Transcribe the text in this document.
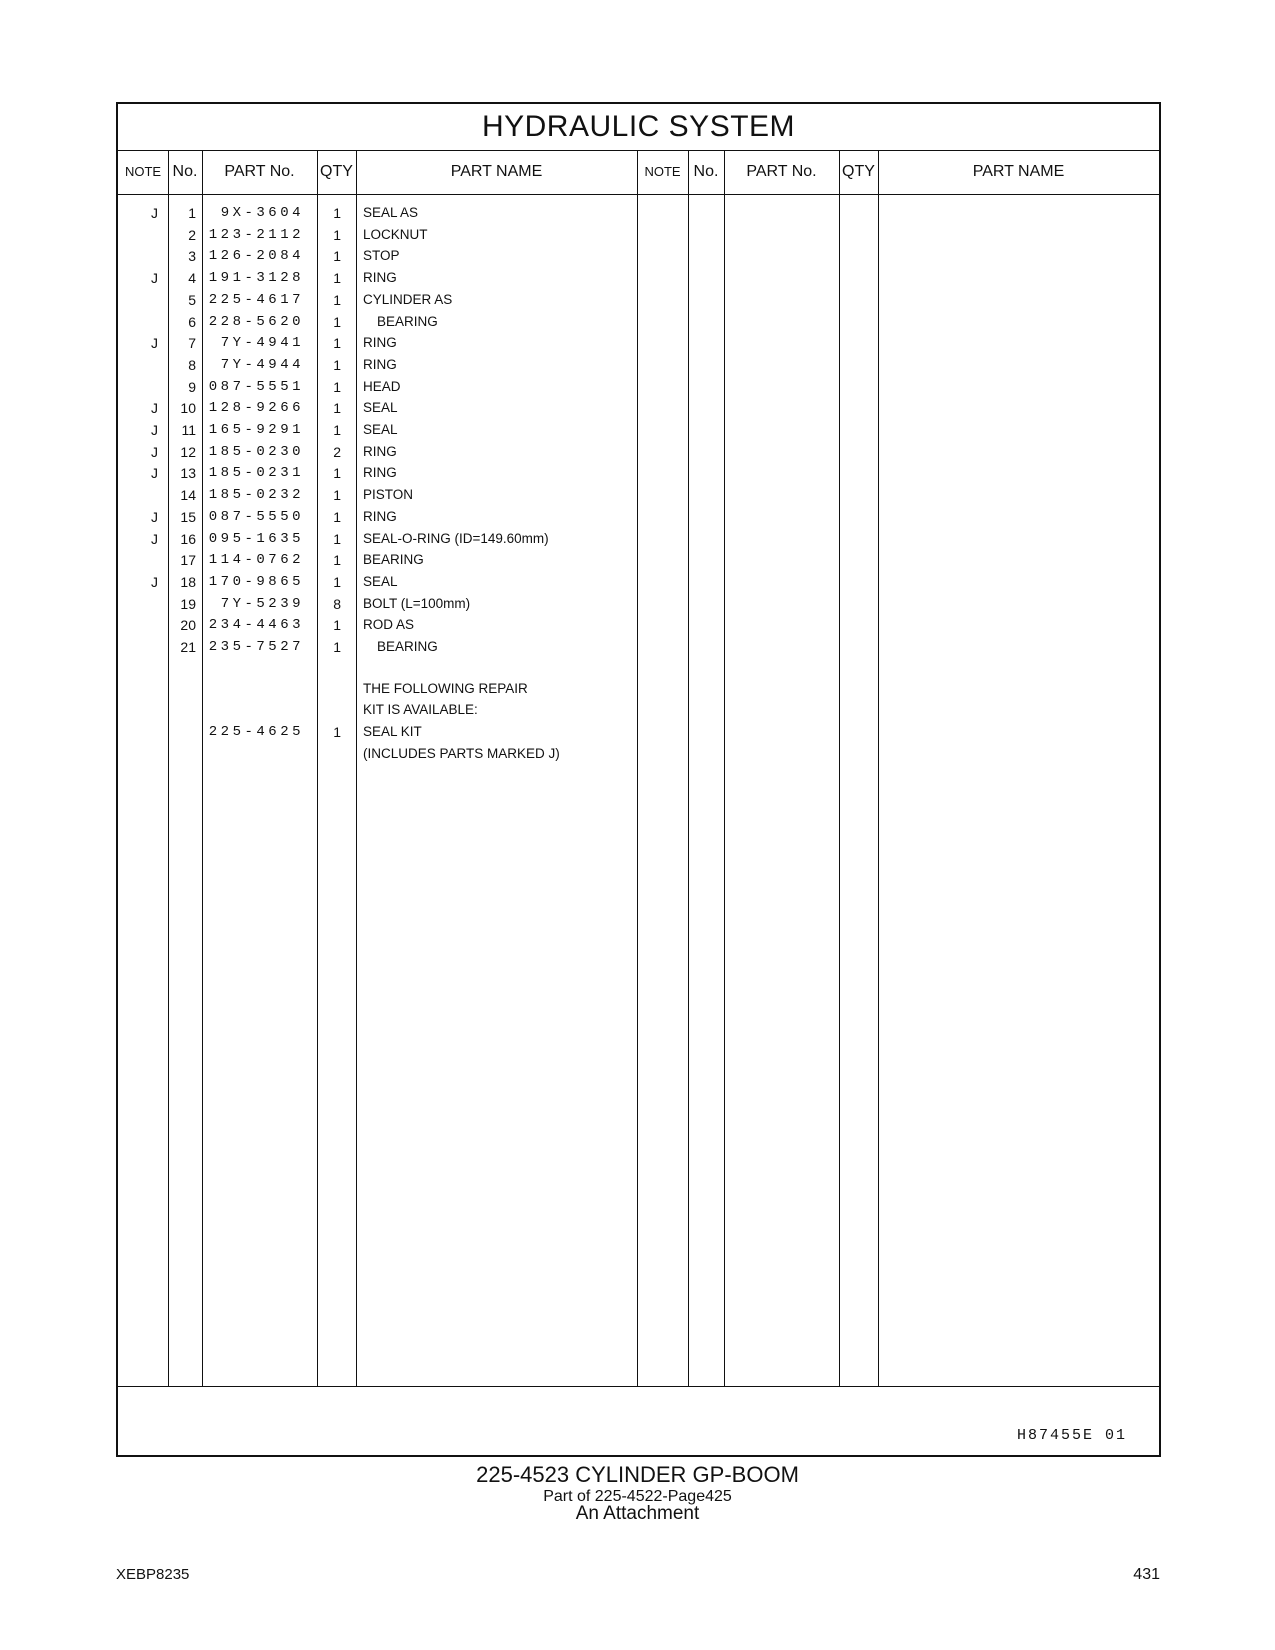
HYDRAULIC SYSTEM
NOTE No.	PART No.	QTY	PART NAME	NOTE No.	PART No.	QTY	PART NAME
J	1	9X-3604	1 SEAL AS
2 123-2112	1 LOCKNUT
3 126-2084	1 STOP
J	4 191-3128	1 RING
5 225-4617	1 CYLINDER AS
6 228-5620	1	BEARING
J	7	7Y-4941	1 RING
8	7Y-4944	1 RING
9 087-5551	1 HEAD
J	10 128-9266	1 SEAL
J	11 165-9291	1 SEAL
J	12 185-0230	2 RING
J	13 185-0231	1 RING
14 185-0232	1 PISTON
J	15 087-5550	1 RING
J	16 095-1635	1 SEAL-O-RING (ID=149.60mm)
17 114-0762	1 BEARING
J	18 170-9865	1 SEAL
19	7Y-5239	8 BOLT (L=100mm)
20 234-4463	1 ROD AS
21 235-7527	1	BEARING
THE FOLLOWING REPAIR
KIT IS AVAILABLE:
225-4625	1 SEAL KIT
(INCLUDES PARTS MARKED J)
H87455E 01
225-4523 CYLINDER GP-BOOM
Part of 225-4522-Page425
An Attachment
XEBP8235	431
